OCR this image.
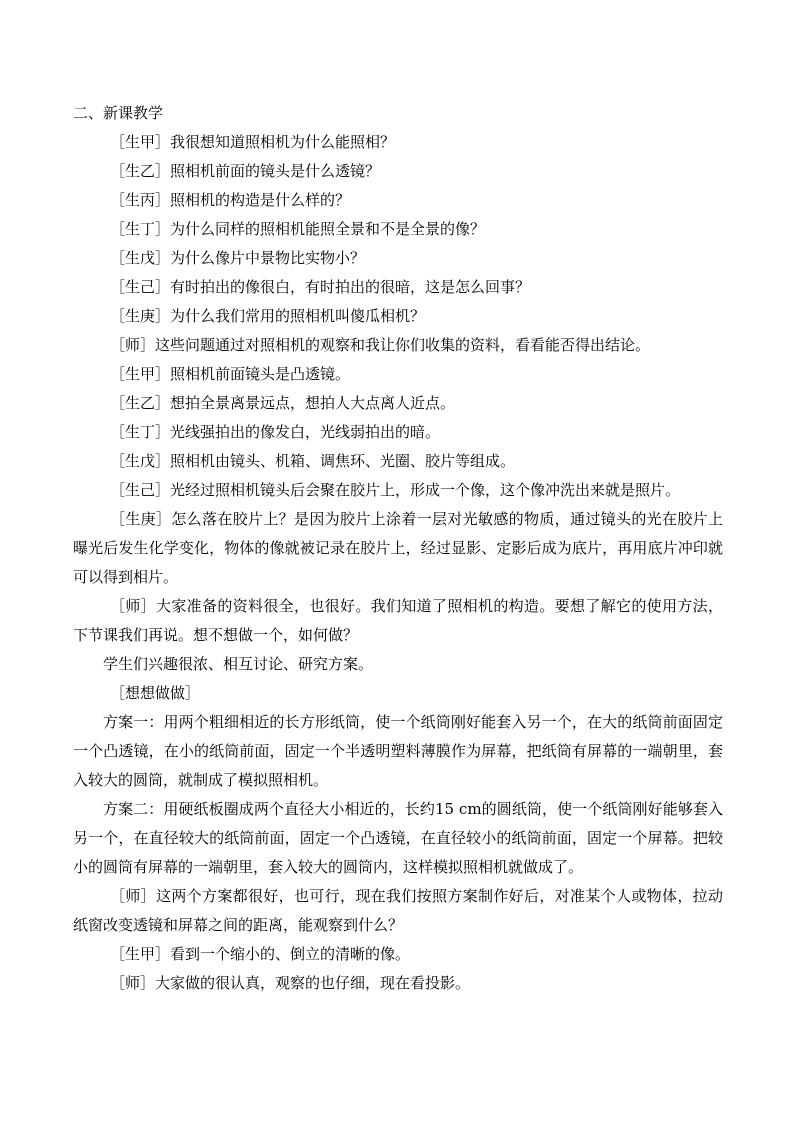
二、新课教学
［生甲］我很想知道照相机为什么能照相？
［生乙］照相机前面的镜头是什么透镜？
［生丙］照相机的构造是什么样的？
［生丁］为什么同样的照相机能照全景和不是全景的像？
［生戊］为什么像片中景物比实物小？
［生己］有时拍出的像很白，有时拍出的很暗，这是怎么回事？
［生庚］为什么我们常用的照相机叫傻瓜相机？
［师］这些问题通过对照相机的观察和我让你们收集的资料，看看能否得出结论。
［生甲］照相机前面镜头是凸透镜。
［生乙］想拍全景离景远点，想拍人大点离人近点。
［生丁］光线强拍出的像发白，光线弱拍出的暗。
［生戊］照相机由镜头、机箱、调焦环、光圈、胶片等组成。
［生己］光经过照相机镜头后会聚在胶片上，形成一个像，这个像冲洗出来就是照片。
［生庚］怎么落在胶片上？是因为胶片上涂着一层对光敏感的物质，通过镜头的光在胶片上曝光后发生化学变化，物体的像就被记录在胶片上，经过显影、定影后成为底片，再用底片冲印就可以得到相片。
［师］大家准备的资料很全，也很好。我们知道了照相机的构造。要想了解它的使用方法，下节课我们再说。想不想做一个，如何做？
学生们兴趣很浓、相互讨论、研究方案。
［想想做做］
方案一：用两个粗细相近的长方形纸筒，使一个纸筒刚好能套入另一个，在大的纸筒前面固定一个凸透镜，在小的纸筒前面，固定一个半透明塑料薄膜作为屏幕，把纸筒有屏幕的一端朝里，套入较大的圆筒，就制成了模拟照相机。
方案二：用硬纸板圈成两个直径大小相近的，长约15 cm的圆纸筒，使一个纸筒刚好能够套入另一个，在直径较大的纸筒前面，固定一个凸透镜，在直径较小的纸筒前面，固定一个屏幕。把较小的圆筒有屏幕的一端朝里，套入较大的圆筒内，这样模拟照相机就做成了。
［师］这两个方案都很好，也可行，现在我们按照方案制作好后，对准某个人或物体，拉动纸窗改变透镜和屏幕之间的距离，能观察到什么？
［生甲］看到一个缩小的、倒立的清晰的像。
［师］大家做的很认真，观察的也仔细，现在看投影。
